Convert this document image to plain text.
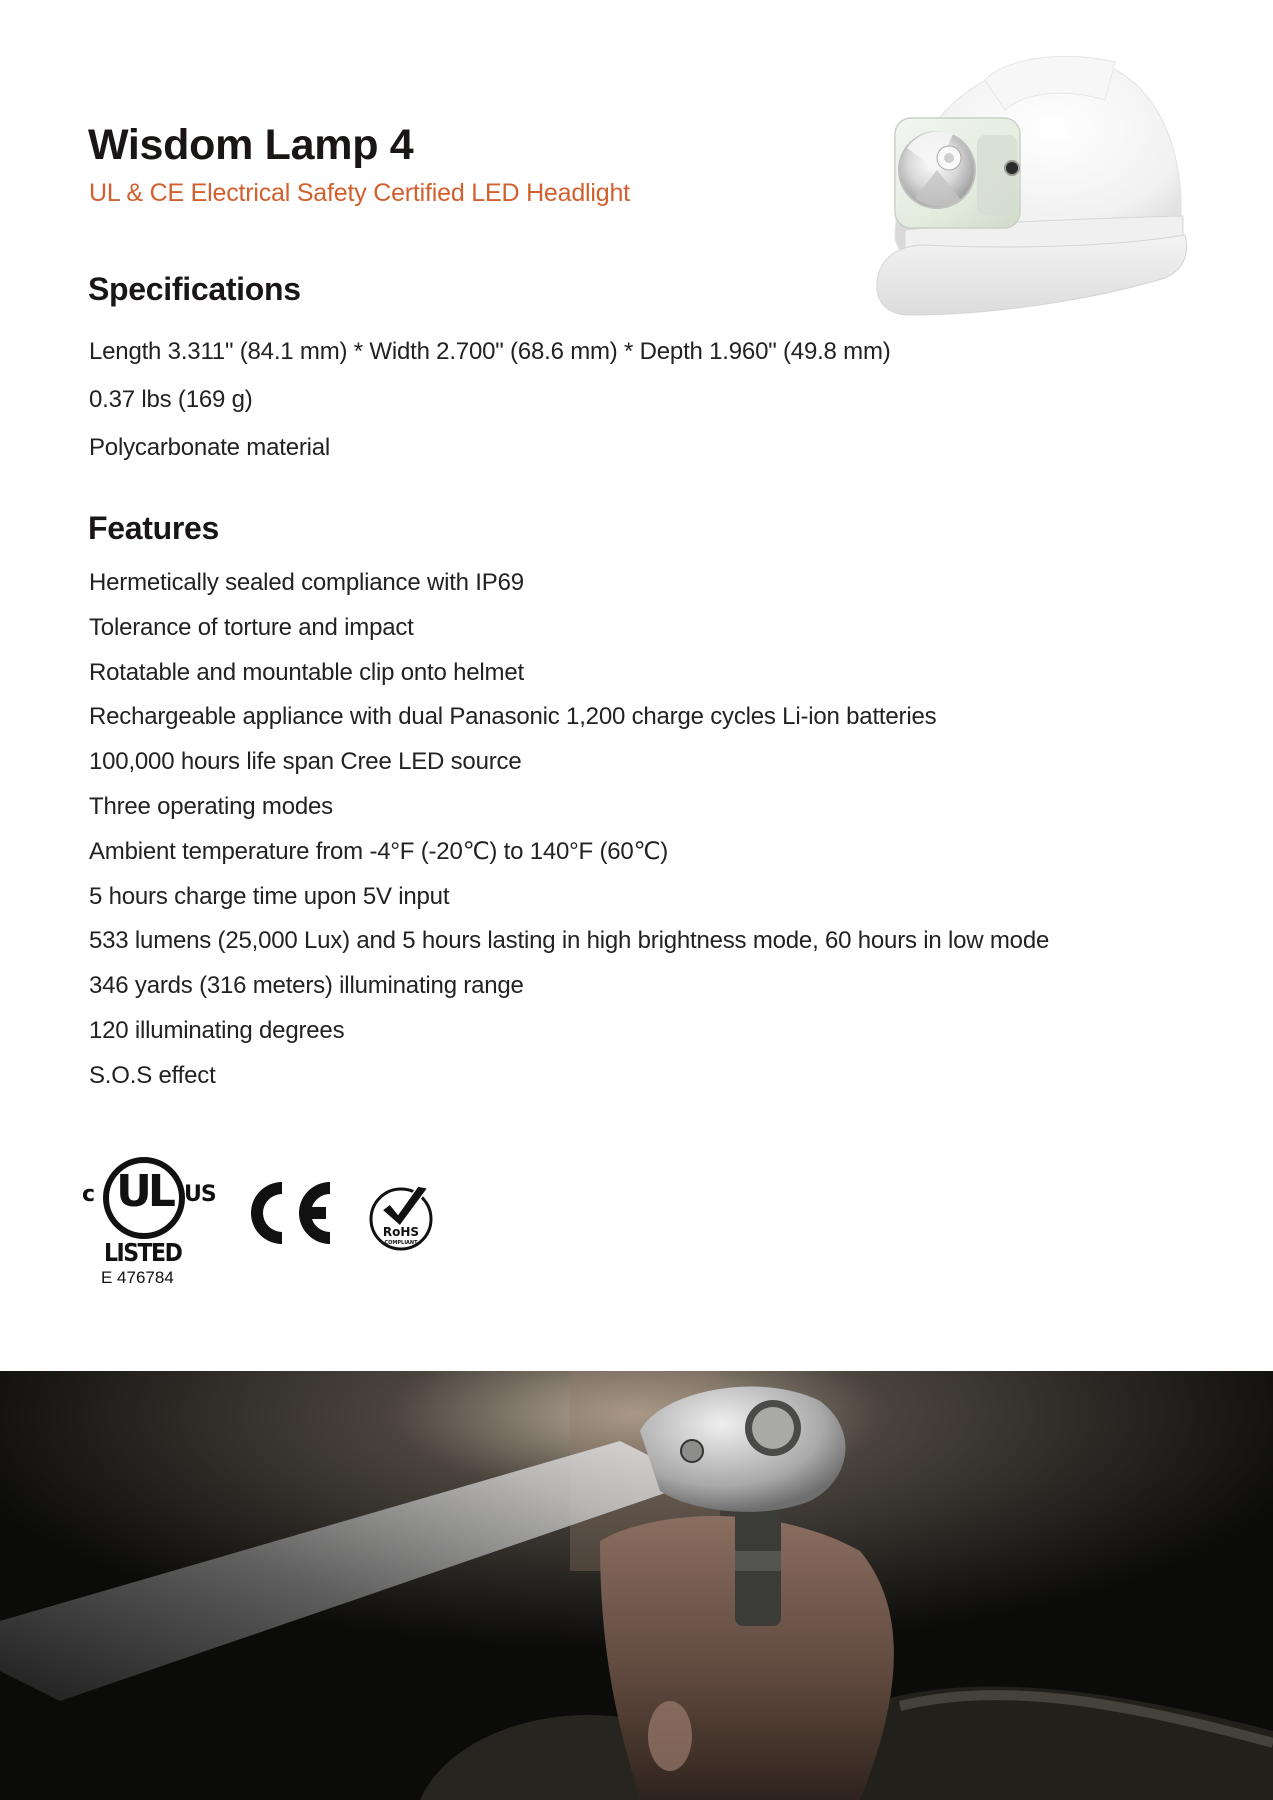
Wisdom Lamp 4
UL & CE Electrical Safety Certified LED Headlight
Specifications
Length 3.311" (84.1 mm) * Width 2.700" (68.6 mm) * Depth 1.960" (49.8 mm)
0.37 lbs (169 g)
Polycarbonate material
Features
Hermetically sealed compliance with IP69
Tolerance of torture and impact
Rotatable and mountable clip onto helmet
Rechargeable appliance with dual Panasonic 1,200 charge cycles Li-ion batteries
100,000 hours life span Cree LED source
Three operating modes
Ambient temperature from -4°F (-20℃) to 140°F (60℃)
5 hours charge time upon 5V input
533 lumens (25,000 Lux) and 5 hours lasting in high brightness mode, 60 hours in low mode
346 yards (316 meters) illuminating range
120 illuminating degrees
S.O.S effect
c UL US
LISTED
E 476784
RoHS
COMPLIANT
